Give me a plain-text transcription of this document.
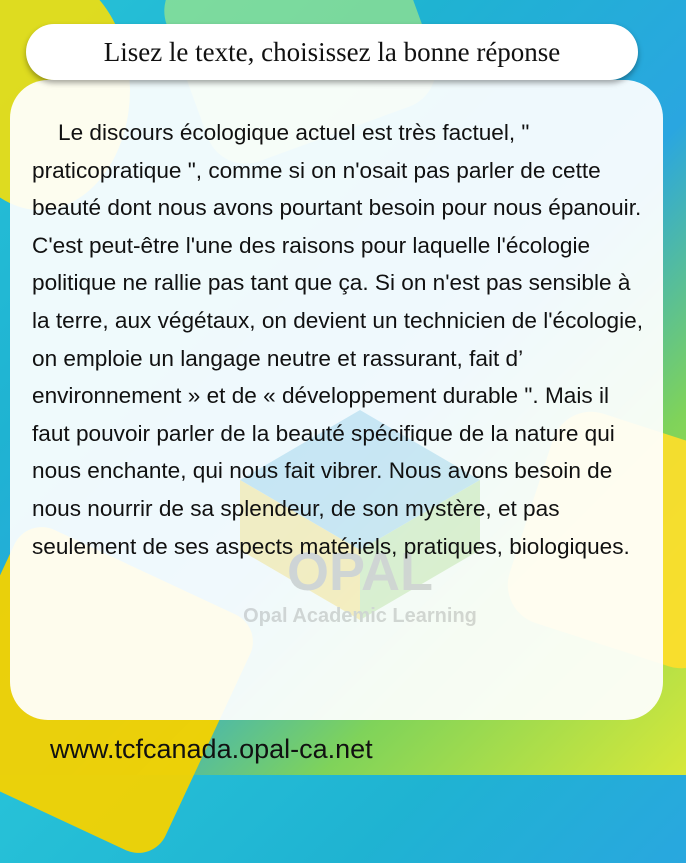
Lisez le texte, choisissez la bonne réponse
OPAL
Opal Academic Learning

Le discours écologique actuel est très factuel, " praticopratique ", comme si on n'osait pas parler de cette beauté dont nous avons pourtant besoin pour nous épanouir. C'est peut-être l'une des raisons pour laquelle l'écologie politique ne rallie pas tant que ça. Si on n'est pas sensible à la terre, aux végétaux, on devient un technicien de l'écologie, on emploie un langage neutre et rassurant, fait d’ environnement » et de « développement durable ". Mais il faut pouvoir parler de la beauté spécifique de la nature qui nous enchante, qui nous fait vibrer. Nous avons besoin de nous nourrir de sa splendeur, de son mystère, et pas seulement de ses aspects matériels, pratiques, biologiques.

www.tcfcanada.opal-ca.net
